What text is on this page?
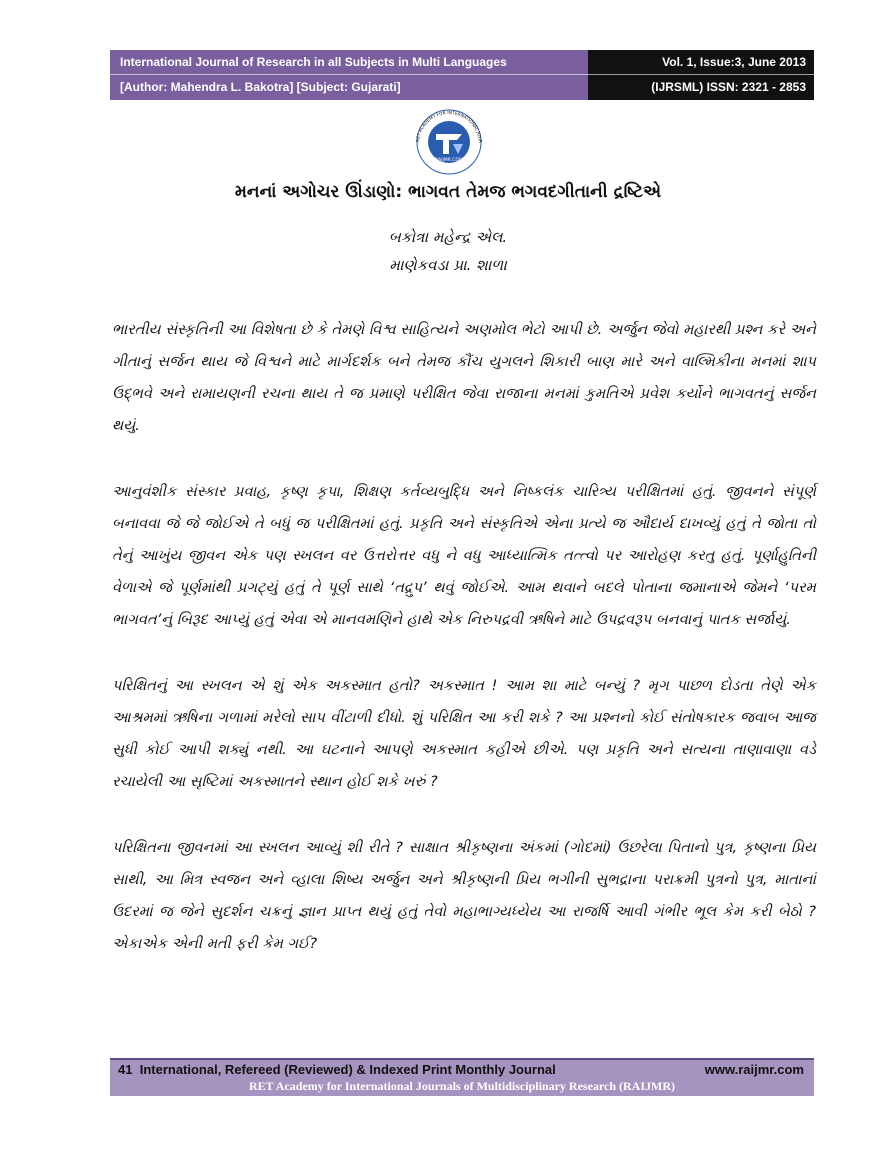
International Journal of Research in all Subjects in Multi Languages
[Author: Mahendra L. Bakotra] [Subject: Gujarati]
Vol. 1, Issue:3, June 2013
(IJRSML) ISSN: 2321 - 2853
RET ACADEMY FOR INTERNATIONAL JOUR
RAIJMR.COM
મનનાં અગોચર ઊંડાણો: ભાગવત તેમજ ભગવદગીતાની દ્રષ્ટિએ
બકોત્રા મહેન્દ્ર એલ.
માણેકવડા પ્રા. શાળા

ભારતીય સંસ્કૃતિની આ વિશેષતા છે કે તેમણે વિશ્વ સાહિત્યને અણમોલ ભેટો આપી છે. અર્જુન જેવો મહારથી પ્રશ્ન કરે અને ગીતાનું સર્જન થાય જે વિશ્વને માટે માર્ગદર્શક બને તેમજ કૌંચ યુગલને શિકારી બાણ મારે અને વાલ્મિકીના મનમાં શાપ ઉદ્ભવે અને રામાયણની રચના થાય તે જ પ્રમાણે પરીક્ષિત જેવા રાજાના મનમાં કુમતિએ પ્રવેશ કર્યોને ભાગવતનું સર્જન થયું.

આનુવંશીક સંસ્કાર પ્રવાહ, કૃષ્ણ કૃપા, શિક્ષણ કર્તવ્યબુદ્ધિ અને નિષ્કલંક ચારિત્ર્ય પરીક્ષિતમાં હતું. જીવનને સંપૂર્ણ બનાવવા જે જે જોઈએ તે બધું જ પરીક્ષિતમાં હતું. પ્રકૃતિ અને સંસ્કૃતિએ એના પ્રત્યે જ ઔદાર્ય દાખવ્યું હતું તે જોતા તો તેનું આખુંય જીવન એક પણ સ્ખલન વર ઉત્તરોત્તર વધુ ને વધુ આધ્યાત્મિક તત્ત્વો પર આરોહણ કરતુ હતું. પૂર્ણાહુતિની વેળાએ જે પૂર્ણમાંથી પ્રગટ્યું હતું તે પૂર્ણ સાથે ‘તદ્રુપ’ થવું જોઈએ. આમ થવાને બદલે પોતાના જમાનાએ જેમને ‘પરમ ભાગવત’નું બિરૂદ આપ્યું હતું એવા એ માનવમણિને હાથે એક નિરુપદ્રવી ઋષિને માટે ઉપદ્રવરૂપ બનવાનું પાતક સર્જાયું.

પરિક્ષિતનું આ સ્ખલન એ શું એક અકસ્માત હતો? અકસ્માત ! આમ શા માટે બન્યું ? મૃગ પાછળ દોડતા તેણે એક આશ્રમમાં ઋષિના ગળામાં મરેલો સાપ વીંટાળી દીધો. શું પરિક્ષિત આ કરી શકે ? આ પ્રશ્નનો કોઈ સંતોષકારક જવાબ આજ સુધી કોઈ આપી શક્યું નથી. આ ઘટનાને આપણે અકસ્માત કહીએ છીએ. પણ પ્રકૃતિ અને સત્યના તાણાવાણા વડે રચાયેલી આ સૃષ્ટિમાં અકસ્માતને સ્થાન હોઈ શકે ખરું ?

પરિક્ષિતના જીવનમાં આ સ્ખલન આવ્યું શી રીતે ? સાક્ષાત શ્રીકૃષ્ણના અંકમાં (ગોદમાં) ઉછરેલા પિતાનો પુત્ર, કૃષ્ણના પ્રિય સાથી, આ મિત્ર સ્વજન અને વ્હાલા શિષ્ય અર્જુન અને શ્રીકૃષ્ણની પ્રિય ભગીની સુભદ્રાના પરાક્રમી પુત્રનો પુત્ર, માતાનાં ઉદરમાં જ જેને સુદર્શન ચક્રનું જ્ઞાન પ્રાપ્ત થયું હતું તેવો મહાભાગ્યધ્યેય આ રાજર્ષિ આવી ગંભીર ભૂલ કેમ કરી બેઠો ? એકાએક એની મતી ફરી કેમ ગઈ?

41 International, Refereed (Reviewed) & Indexed Print Monthly Journal	www.raijmr.com
RET Academy for International Journals of Multidisciplinary Research (RAIJMR)
